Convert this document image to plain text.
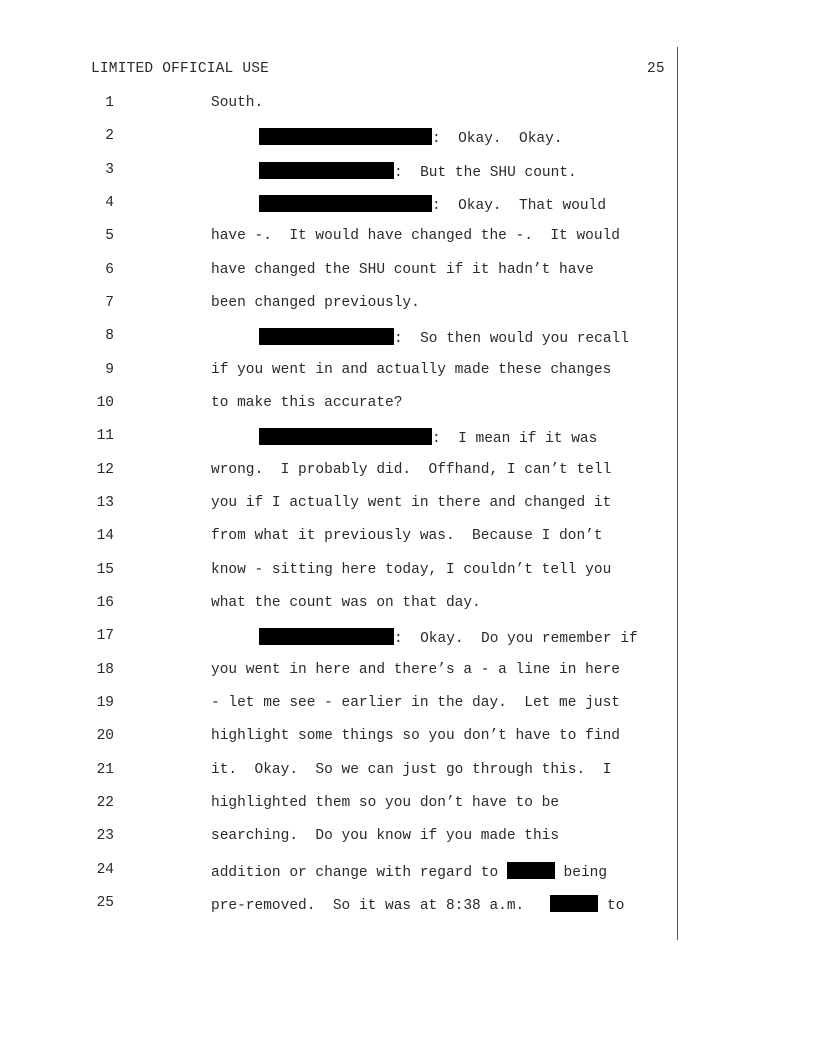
LIMITED OFFICIAL USE	25
1	South.
2	:  Okay.  Okay.
3	:  But the SHU count.
4	:  Okay.  That would
5	have -.  It would have changed the -.  It would
6	have changed the SHU count if it hadn’t have
7	been changed previously.
8	:  So then would you recall
9	if you went in and actually made these changes
10	to make this accurate?
11	:  I mean if it was
12	wrong.  I probably did.  Offhand, I can’t tell
13	you if I actually went in there and changed it
14	from what it previously was.  Because I don’t
15	know - sitting here today, I couldn’t tell you
16	what the count was on that day.
17	:  Okay.  Do you remember if
18	you went in here and there’s a - a line in here
19	- let me see - earlier in the day.  Let me just
20	highlight some things so you don’t have to find
21	it.  Okay.  So we can just go through this.  I
22	highlighted them so you don’t have to be
23	searching.  Do you know if you made this
24	addition or change with regard to	being
25	pre-removed.  So it was at 8:38 a.m.	to
